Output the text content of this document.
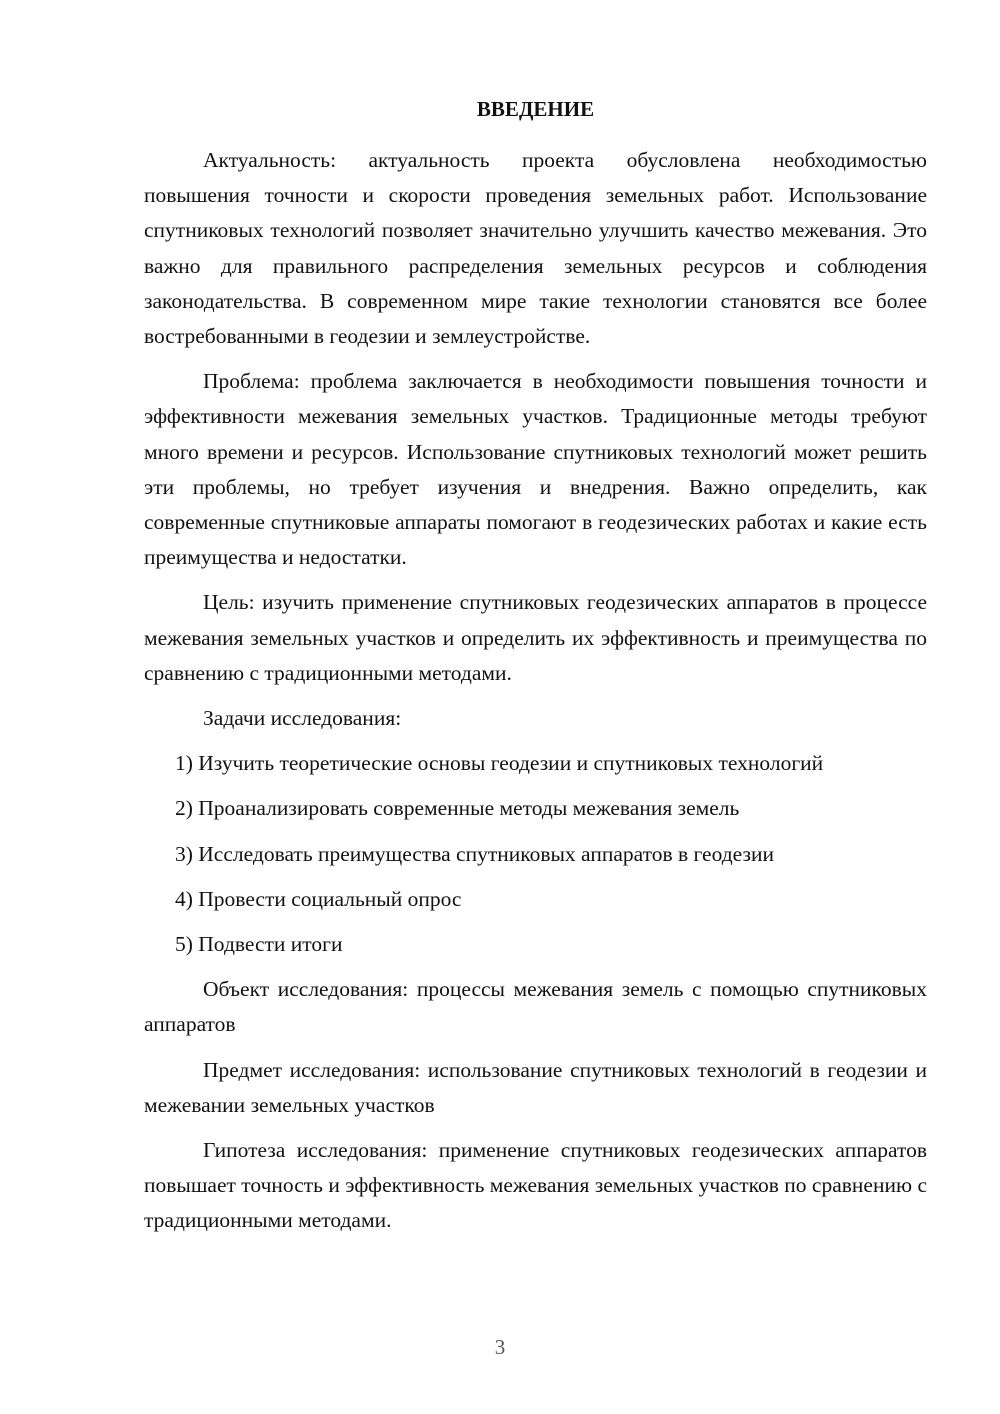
ВВЕДЕНИЕ

Актуальность: актуальность проекта обусловлена необходимостью повышения точности и скорости проведения земельных работ. Использование спутниковых технологий позволяет значительно улучшить качество межевания. Это важно для правильного распределения земельных ресурсов и соблюдения законодательства. В современном мире такие технологии становятся все более востребованными в геодезии и землеустройстве.

Проблема: проблема заключается в необходимости повышения точности и эффективности межевания земельных участков. Традиционные методы требуют много времени и ресурсов. Использование спутниковых технологий может решить эти проблемы, но требует изучения и внедрения. Важно определить, как современные спутниковые аппараты помогают в геодезических работах и какие есть преимущества и недостатки.

Цель: изучить применение спутниковых геодезических аппаратов в процессе межевания земельных участков и определить их эффективность и преимущества по сравнению с традиционными методами.

Задачи исследования:

1) Изучить теоретические основы геодезии и спутниковых технологий
2) Проанализировать современные методы межевания земель
3) Исследовать преимущества спутниковых аппаратов в геодезии
4) Провести социальный опрос
5) Подвести итоги

Объект исследования: процессы межевания земель с помощью спутниковых аппаратов

Предмет исследования: использование спутниковых технологий в геодезии и межевании земельных участков

Гипотеза исследования: применение спутниковых геодезических аппаратов повышает точность и эффективность межевания земельных участков по сравнению с традиционными методами.

3
